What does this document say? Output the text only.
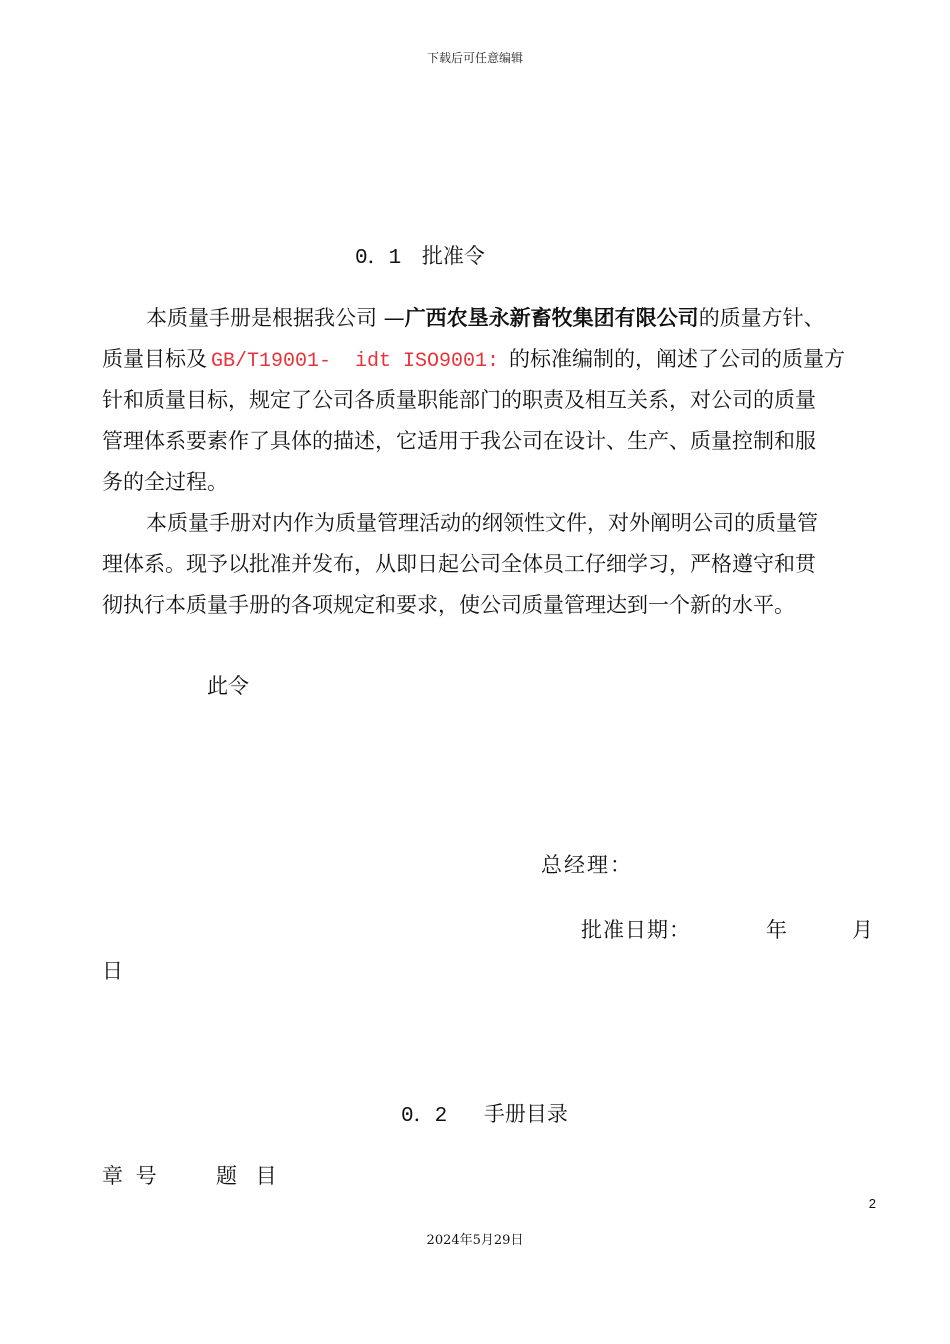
下载后可任意编辑
0．1 批准令
本质量手册是根据我公司 —广西农垦永新畜牧集团有限公司的质量方针、
质量目标及 GB/T19001-  idt ISO9001: 的标准编制的，阐述了公司的质量方
针和质量目标，规定了公司各质量职能部门的职责及相互关系，对公司的质量
管理体系要素作了具体的描述，它适用于我公司在设计、生产、质量控制和服
务的全过程。
本质量手册对内作为质量管理活动的纲领性文件，对外阐明公司的质量管
理体系。现予以批准并发布，从即日起公司全体员工仔细学习，严格遵守和贯
彻执行本质量手册的各项规定和要求，使公司质量管理达到一个新的水平。
此令
总经理：
批准日期：	年	月
日
0．2 手册目录
章 号	题 目
2
2024年5月29日
